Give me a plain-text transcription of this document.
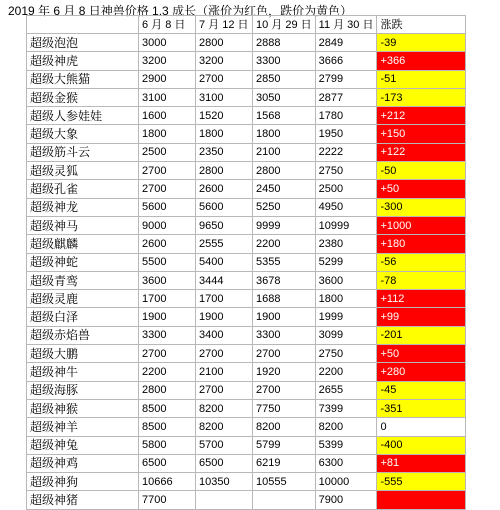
2019 年 6 月 8 日神兽价格 1.3 成长（涨价为红色，跌价为黄色）
	6 月 8 日	7 月 12 日	10 月 29 日	11 月 30 日	涨跌
超级泡泡	3000	2800	2888	2849	-39
超级神虎	3200	3200	3300	3666	+366
超级大熊猫	2900	2700	2850	2799	-51
超级金猴	3100	3100	3050	2877	-173
超级人参娃娃	1600	1520	1568	1780	+212
超级大象	1800	1800	1800	1950	+150
超级筋斗云	2500	2350	2100	2222	+122
超级灵狐	2700	2800	2800	2750	-50
超级孔雀	2700	2600	2450	2500	+50
超级神龙	5600	5600	5250	4950	-300
超级神马	9000	9650	9999	10999	+1000
超级麒麟	2600	2555	2200	2380	+180
超级神蛇	5500	5400	5355	5299	-56
超级青鸾	3600	3444	3678	3600	-78
超级灵鹿	1700	1700	1688	1800	+112
超级白泽	1900	1900	1900	1999	+99
超级赤焰兽	3300	3400	3300	3099	-201
超级大鹏	2700	2700	2700	2750	+50
超级神牛	2200	2100	1920	2200	+280
超级海豚	2800	2700	2700	2655	-45
超级神猴	8500	8200	7750	7399	-351
超级神羊	8500	8200	8200	8200	0
超级神兔	5800	5700	5799	5399	-400
超级神鸡	6500	6500	6219	6300	+81
超级神狗	10666	10350	10555	10000	-555
超级神猪	7700			7900	
